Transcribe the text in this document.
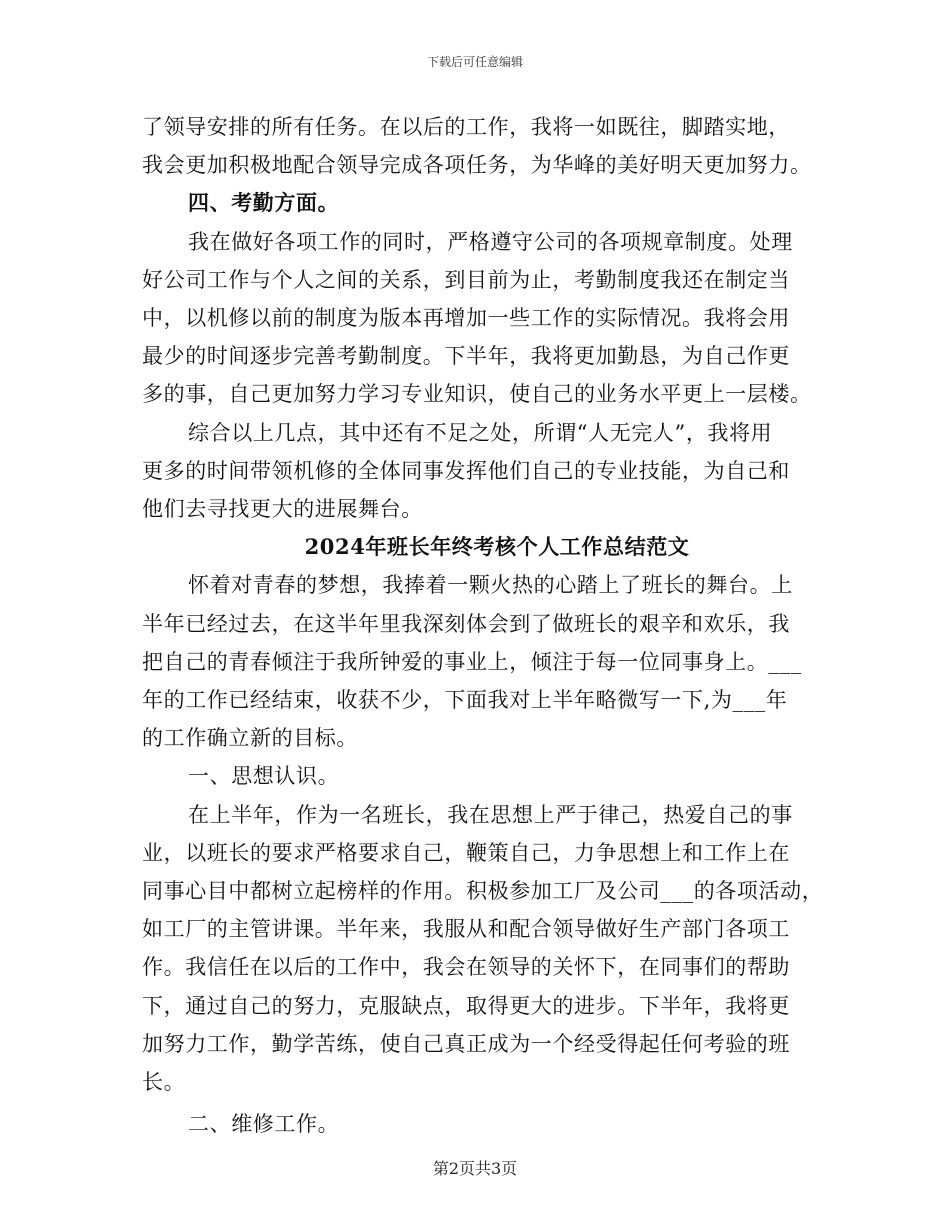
下载后可任意编辑

了领导安排的所有任务。在以后的工作，我将一如既往，脚踏实地，

我会更加积极地配合领导完成各项任务，为华峰的美好明天更加努力。

四、考勤方面。

我在做好各项工作的同时，严格遵守公司的各项规章制度。处理

好公司工作与个人之间的关系，到目前为止，考勤制度我还在制定当

中，以机修以前的制度为版本再增加一些工作的实际情况。我将会用

最少的时间逐步完善考勤制度。下半年，我将更加勤恳，为自己作更

多的事，自己更加努力学习专业知识，使自己的业务水平更上一层楼。

综合以上几点，其中还有不足之处，所谓“人无完人”，我将用

更多的时间带领机修的全体同事发挥他们自己的专业技能，为自己和

他们去寻找更大的进展舞台。

2024年班长年终考核个人工作总结范文

怀着对青春的梦想，我捧着一颗火热的心踏上了班长的舞台。上

半年已经过去，在这半年里我深刻体会到了做班长的艰辛和欢乐，我

把自己的青春倾注于我所钟爱的事业上，倾注于每一位同事身上。___

年的工作已经结束，收获不少，下面我对上半年略微写一下,为___年

的工作确立新的目标。

一、思想认识。

在上半年，作为一名班长，我在思想上严于律己，热爱自己的事

业，以班长的要求严格要求自己，鞭策自己，力争思想上和工作上在

同事心目中都树立起榜样的作用。积极参加工厂及公司___的各项活动，

如工厂的主管讲课。半年来，我服从和配合领导做好生产部门各项工

作。我信任在以后的工作中，我会在领导的关怀下，在同事们的帮助

下，通过自己的努力，克服缺点，取得更大的进步。下半年，我将更

加努力工作，勤学苦练，使自己真正成为一个经受得起任何考验的班

长。

二、维修工作。

第2页共3页
